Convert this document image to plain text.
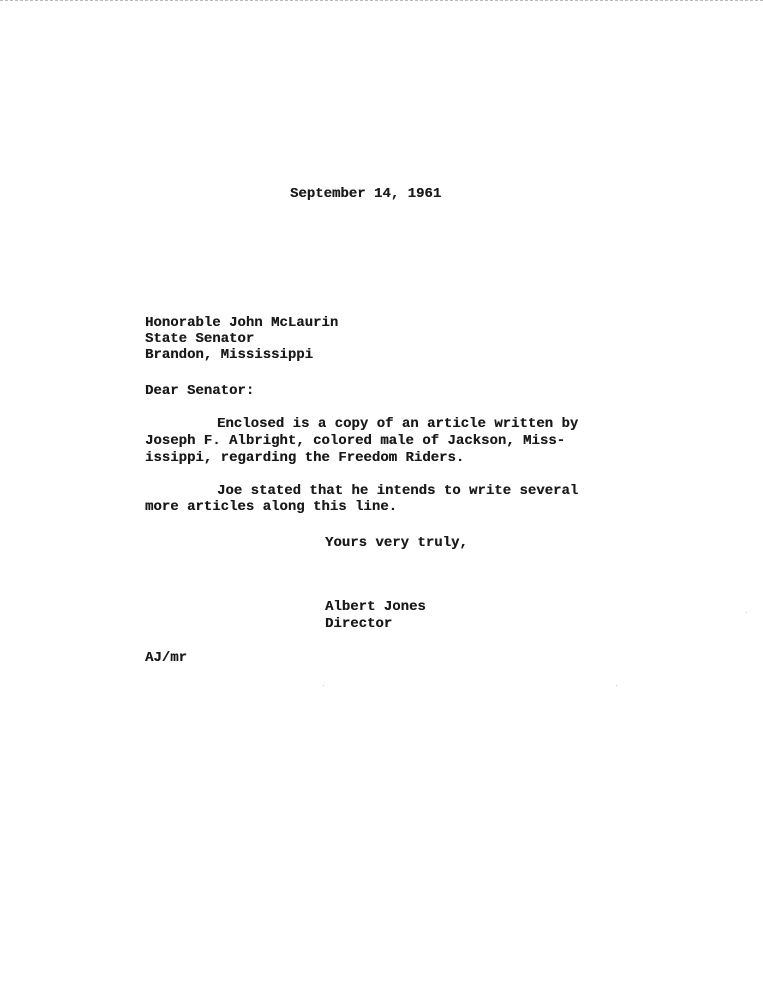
September 14, 1961
Honorable John McLaurin
State Senator
Brandon, Mississippi
Dear Senator:
Enclosed is a copy of an article written by
Joseph F. Albright, colored male of Jackson, Miss-
issippi, regarding the Freedom Riders.
Joe stated that he intends to write several
more articles along this line.
Yours very truly,
Albert Jones
Director
AJ/mr
